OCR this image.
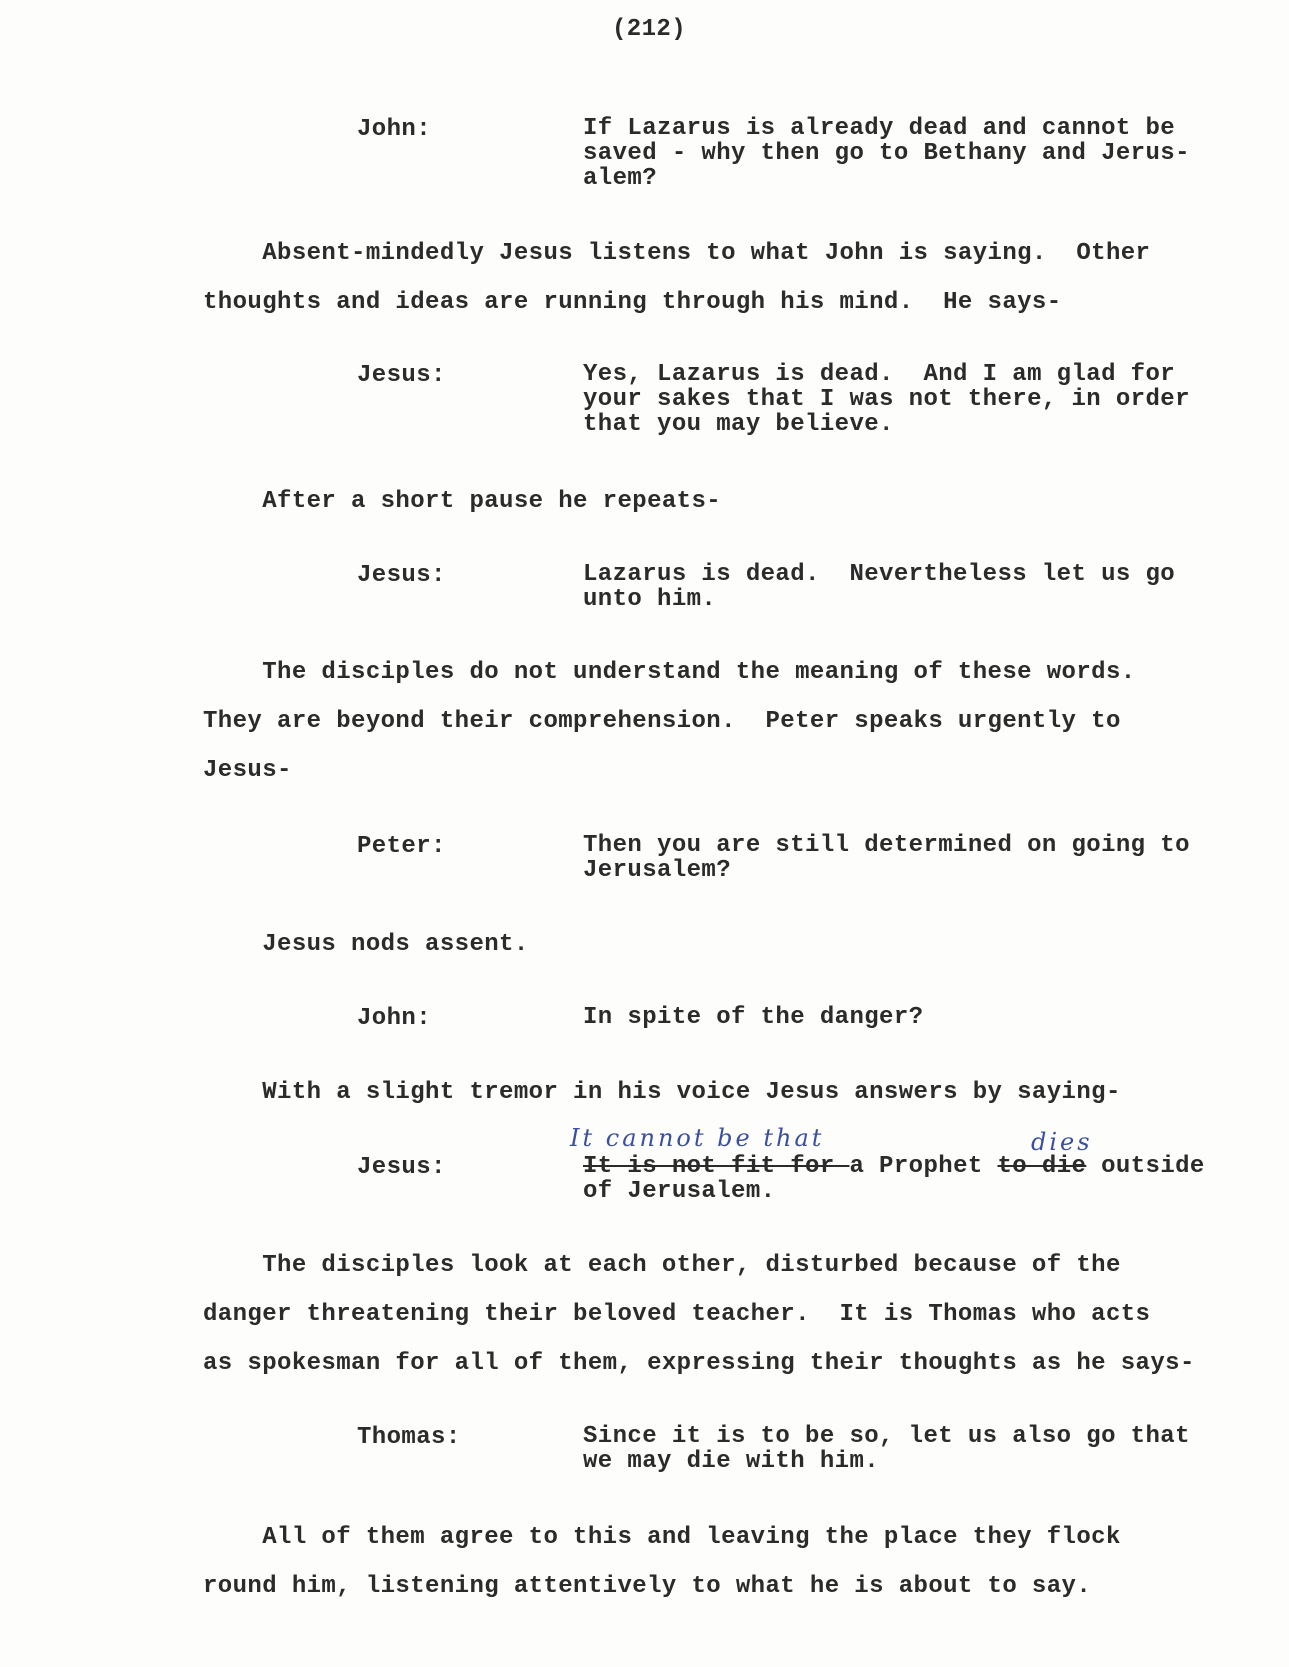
(212)
John:	If Lazarus is already dead and cannot be
saved - why then go to Bethany and Jerus-
alem?
Absent-mindedly Jesus listens to what John is saying.  Other
thoughts and ideas are running through his mind.  He says-
Jesus:	Yes, Lazarus is dead.  And I am glad for
your sakes that I was not there, in order
that you may believe.
After a short pause he repeats-
Jesus:	Lazarus is dead.  Nevertheless let us go
unto him.
The disciples do not understand the meaning of these words.
They are beyond their comprehension.  Peter speaks urgently to
Jesus-
Peter:	Then you are still determined on going to
Jerusalem?
Jesus nods assent.
John:	In spite of the danger?
With a slight tremor in his voice Jesus answers by saying-
It cannot be that	dies
Jesus:	It is not fit for a Prophet to die outside
of Jerusalem.
The disciples look at each other, disturbed because of the
danger threatening their beloved teacher.  It is Thomas who acts
as spokesman for all of them, expressing their thoughts as he says-
Thomas:	Since it is to be so, let us also go that
we may die with him.
All of them agree to this and leaving the place they flock
round him, listening attentively to what he is about to say.
